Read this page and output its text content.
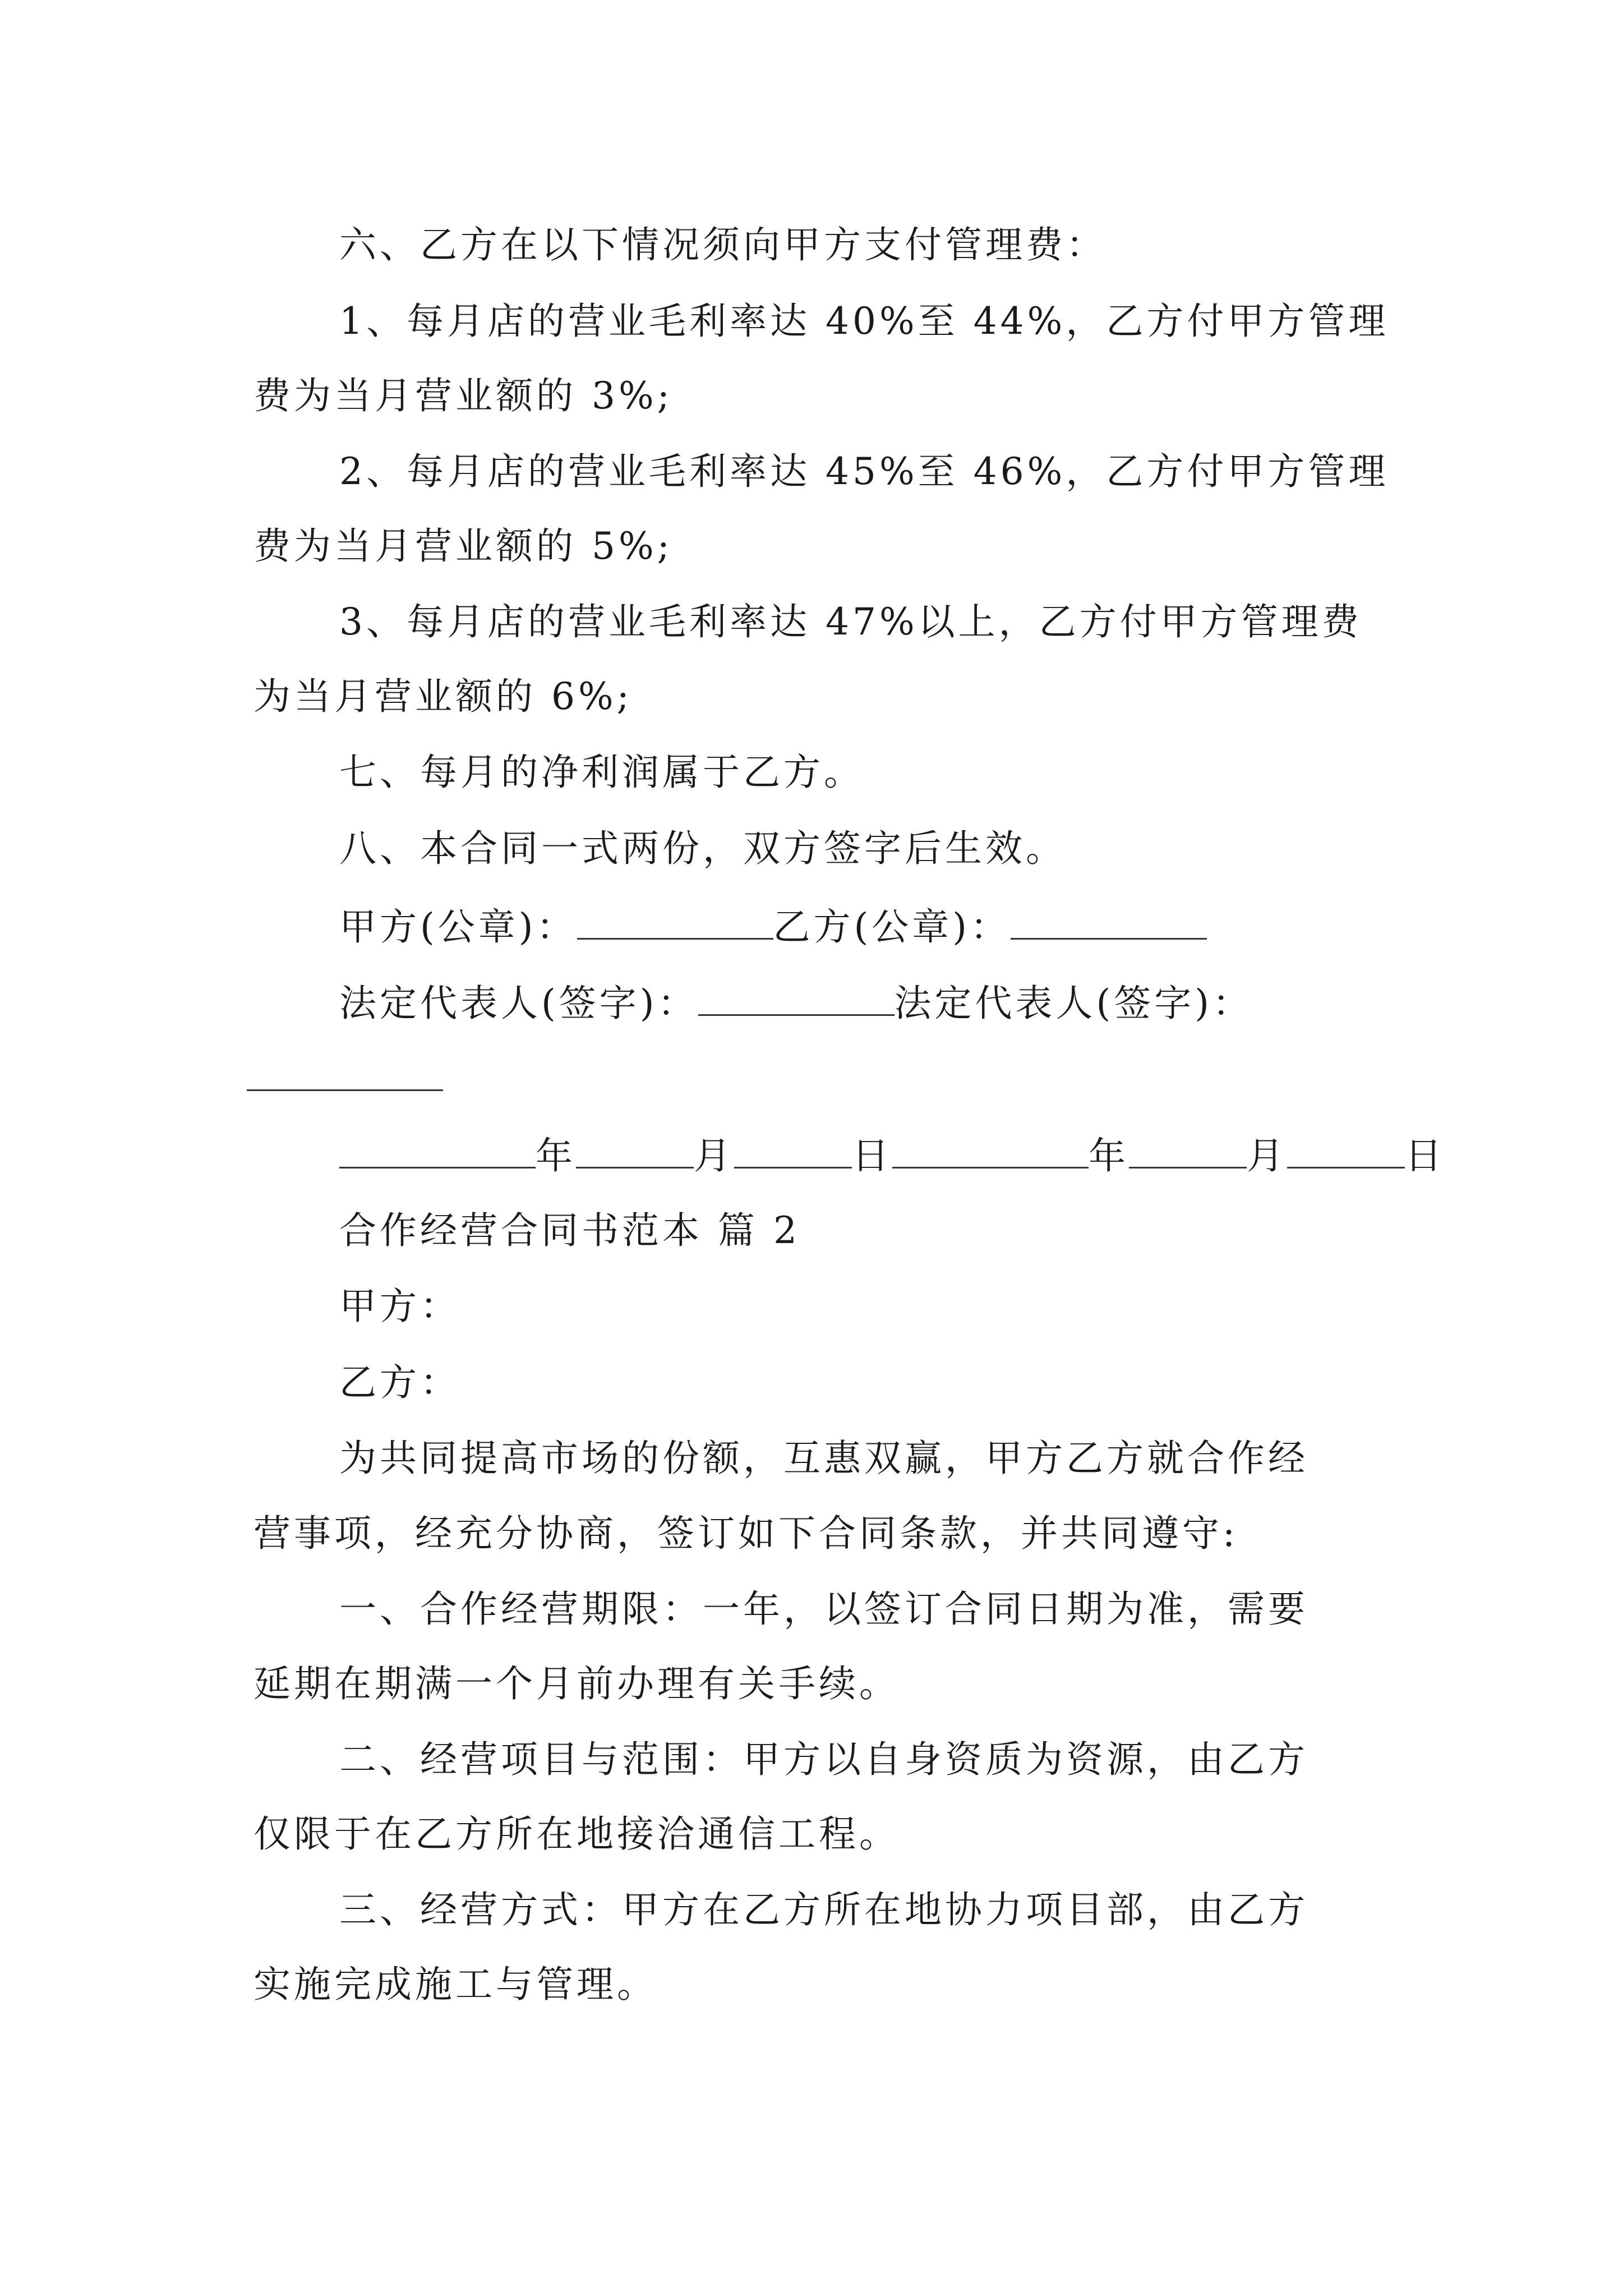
六、乙方在以下情况须向甲方支付管理费：
1、每月店的营业毛利率达 40%至 44%，乙方付甲方管理
费为当月营业额的 3%;
2、每月店的营业毛利率达 45%至 46%，乙方付甲方管理
费为当月营业额的 5%;
3、每月店的营业毛利率达 47%以上，乙方付甲方管理费
为当月营业额的 6%;
七、每月的净利润属于乙方。
八、本合同一式两份，双方签字后生效。
甲方(公章)：	乙方(公章)：
法定代表人(签字)：	法定代表人(签字)：
年	月	日	年	月	日
合作经营合同书范本 篇 2
甲方：
乙方：
为共同提高市场的份额，互惠双赢，甲方乙方就合作经
营事项，经充分协商，签订如下合同条款，并共同遵守:
一、合作经营期限：一年，以签订合同日期为准，需要
延期在期满一个月前办理有关手续。
二、经营项目与范围：甲方以自身资质为资源，由乙方
仅限于在乙方所在地接洽通信工程。
三、经营方式：甲方在乙方所在地协力项目部，由乙方
实施完成施工与管理。
